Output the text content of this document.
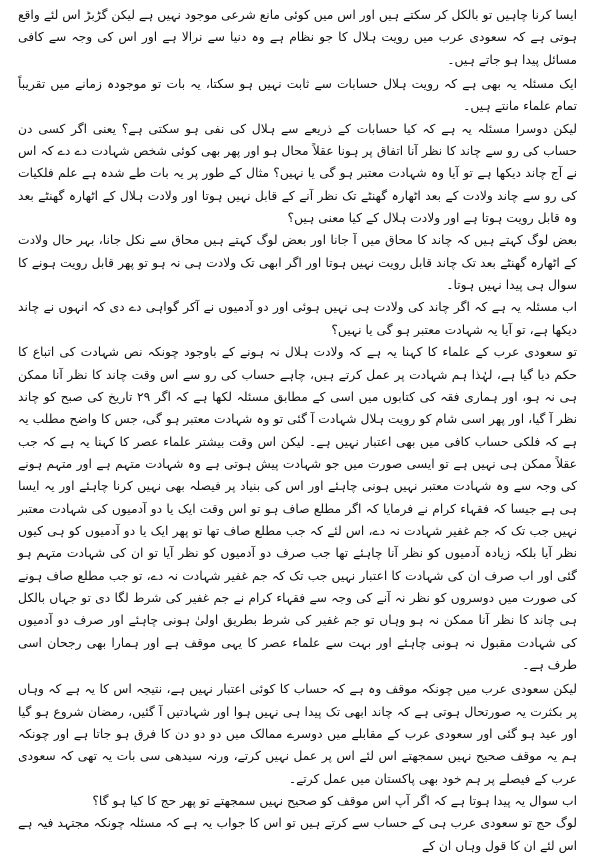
ایسا کرنا چاہیں تو بالکل کر سکتے ہیں اور اس میں کوئی مانع شرعی موجود نہیں ہے لیکن گڑبڑ اس لئے واقع ہوتی ہے کہ سعودی عرب میں رویت ہلال کا جو نظام ہے وہ دنیا سے نرالا ہے اور اس کی وجہ سے کافی مسائل پیدا ہو جاتے ہیں۔

ایک مسئلہ یہ بھی ہے کہ رویت ہلال حسابات سے ثابت نہیں ہو سکتا، یہ بات تو موجودہ زمانے میں تقریباً تمام علماء مانتے ہیں۔

لیکن دوسرا مسئلہ یہ ہے کہ کیا حسابات کے ذریعے سے ہلال کی نفی ہو سکتی ہے؟ یعنی اگر کسی دن حساب کی رو سے چاند کا نظر آنا اتفاق پر ہونا عقلاً محال ہو اور پھر بھی کوئی شخص شہادت دے دے کہ اس نے آج چاند دیکھا ہے تو آیا وہ شہادت معتبر ہو گی یا نہیں؟ مثال کے طور پر یہ بات طے شدہ ہے علم فلکیات کی رو سے چاند ولادت کے بعد اٹھارہ گھنٹے تک نظر آنے کے قابل نہیں ہوتا اور ولادت ہلال کے اٹھارہ گھنٹے بعد وہ قابل رویت ہوتا ہے اور ولادت ہلال کے کیا معنی ہیں؟

بعض لوگ کہتے ہیں کہ چاند کا محاق میں آ جانا اور بعض لوگ کہتے ہیں محاق سے نکل جانا، بہر حال ولادت کے اٹھارہ گھنٹے بعد تک چاند قابل رویت نہیں ہوتا اور اگر ابھی تک ولادت ہی نہ ہو تو پھر قابل رویت ہونے کا سوال ہی پیدا نہیں ہوتا۔

اب مسئلہ یہ ہے کہ اگر چاند کی ولادت ہی نہیں ہوئی اور دو آدمیوں نے آکر گواہی دے دی کہ انہوں نے چاند دیکھا ہے، تو آیا یہ شہادت معتبر ہو گی یا نہیں؟

تو سعودی عرب کے علماء کا کہنا یہ ہے کہ ولادت ہلال نہ ہونے کے باوجود چونکہ نص شہادت کی اتباع کا حکم دیا گیا ہے، لہٰذا ہم شہادت پر عمل کرتے ہیں، چاہے حساب کی رو سے اس وقت چاند کا نظر آنا ممکن ہی نہ ہو، اور ہماری فقہ کی کتابوں میں اسی کے مطابق مسئلہ لکھا ہے کہ اگر ۲۹ تاریخ کی صبح کو چاند نظر آ گیا، اور پھر اسی شام کو رویت ہلال شہادت آ گئی تو وہ شہادت معتبر ہو گی، جس کا واضح مطلب یہ ہے کہ فلکی حساب کافی میں بھی اعتبار نہیں ہے۔ لیکن اس وقت بیشتر علماء عصر کا کہنا یہ ہے کہ جب عقلاً ممکن ہی نہیں ہے تو ایسی صورت میں جو شہادت پیش ہوتی ہے وہ شہادت متہم ہے اور متہم ہونے کی وجہ سے وہ شہادت معتبر نہیں ہونی چاہئے اور اس کی بنیاد پر فیصلہ بھی نہیں کرنا چاہئے اور یہ ایسا ہی ہے جیسا کہ فقہاء کرام نے فرمایا کہ اگر مطلع صاف ہو تو اس وقت ایک یا دو آدمیوں کی شہادت معتبر نہیں جب تک کہ جم غفیر شہادت نہ دے، اس لئے کہ جب مطلع صاف تھا تو پھر ایک یا دو آدمیوں کو ہی کیوں نظر آیا بلکہ زیادہ آدمیوں کو نظر آنا چاہئے تھا جب صرف دو آدمیوں کو نظر آیا تو ان کی شہادت متہم ہو گئی اور اب صرف ان کی شہادت کا اعتبار نہیں جب تک کہ جم غفیر شہادت نہ دے، تو جب مطلع صاف ہونے کی صورت میں دوسروں کو نظر نہ آنے کی وجہ سے فقہاء کرام نے جم غفیر کی شرط لگا دی تو جہاں بالکل ہی چاند کا نظر آنا ممکن نہ ہو وہاں تو جم غفیر کی شرط بطریق اولیٰ ہونی چاہئے اور صرف دو آدمیوں کی شہادت مقبول نہ ہونی چاہئے اور بہت سے علماء عصر کا یہی موقف ہے اور ہمارا بھی رجحان اسی طرف ہے۔

لیکن سعودی عرب میں چونکہ موقف وہ ہے کہ حساب کا کوئی اعتبار نہیں ہے، نتیجہ اس کا یہ ہے کہ وہاں پر بکثرت یہ صورتحال ہوتی ہے کہ چاند ابھی تک پیدا ہی نہیں ہوا اور شہادتیں آ گئیں، رمضان شروع ہو گیا اور عید ہو گئی اور سعودی عرب کے مقابلے میں دوسرے ممالک میں دو دو دن کا فرق ہو جاتا ہے اور چونکہ ہم یہ موقف صحیح نہیں سمجھتے اس لئے اس پر عمل نہیں کرتے، ورنہ سیدھی سی بات یہ تھی کہ سعودی عرب کے فیصلے پر ہم خود بھی پاکستان میں عمل کرتے۔

اب سوال یہ پیدا ہوتا ہے کہ اگر آپ اس موقف کو صحیح نہیں سمجھتے تو پھر حج کا کیا ہو گا؟

لوگ حج تو سعودی عرب ہی کے حساب سے کرتے ہیں تو اس کا جواب یہ ہے کہ مسئلہ چونکہ مجتہد فیہ ہے اس لئے ان کا قول وہاں ان کے
